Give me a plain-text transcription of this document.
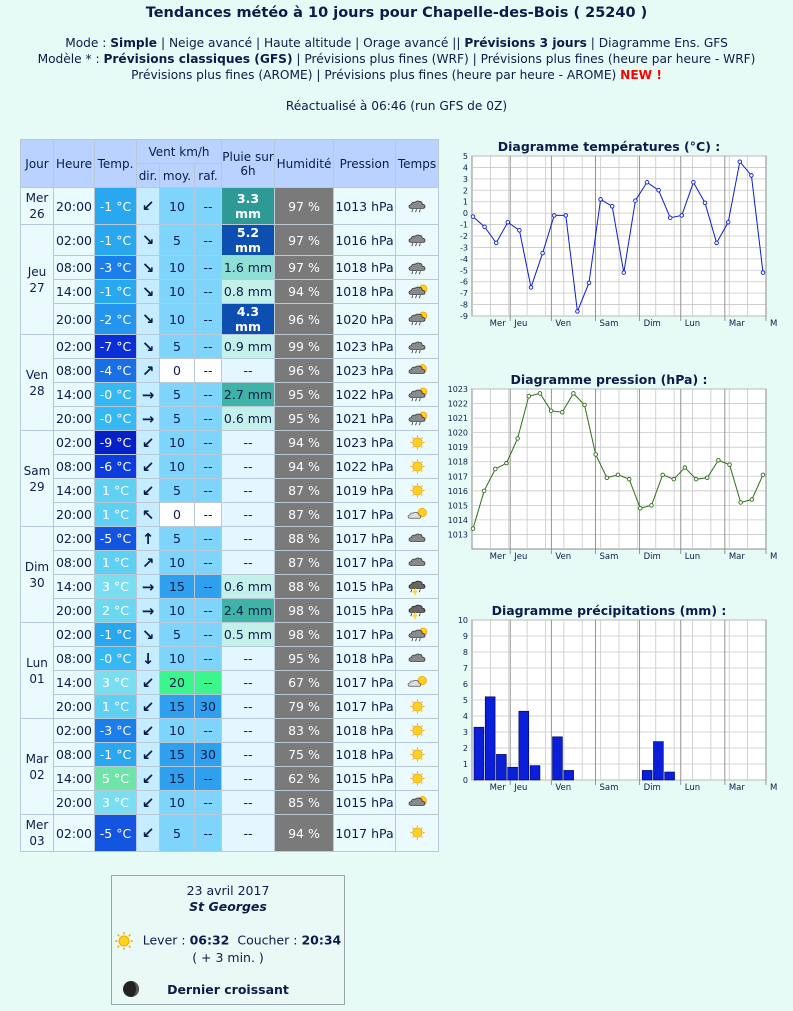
Tendances météo à 10 jours pour Chapelle-des-Bois ( 25240 )
Mode : Simple | Neige avancé | Haute altitude | Orage avancé || Prévisions 3 jours | Diagramme Ens. GFS
Modèle * : Prévisions classiques (GFS) | Prévisions plus fines (WRF) | Prévisions plus fines (heure par heure - WRF)
Prévisions plus fines (AROME) | Prévisions plus fines (heure par heure - AROME) NEW !
Réactualisé à 06:46 (run GFS de 0Z)
Jour	Heure	Temp.	Vent km/h			Pluie sur 6h	Humidité	Pression	Temps
			dir.	moy.	raf.				

Mer
26	20:00	-1 °C	↙	10	--	3.3 mm	97 %	1013 hPa	

Jeu
27	02:00	-1 °C	↘	5	--	5.2 mm	97 %	1016 hPa	
	08:00	-3 °C	↘	10	--	1.6 mm	97 %	1018 hPa	
	14:00	-1 °C	↘	10	--	0.8 mm	94 %	1018 hPa	
	20:00	-2 °C	↘	10	--	4.3 mm	96 %	1020 hPa	

Ven
28	02:00	-7 °C	↘	5	--	0.9 mm	99 %	1023 hPa	
	08:00	-4 °C	↗	0	--	--	96 %	1023 hPa	
	14:00	-0 °C	→	5	--	2.7 mm	95 %	1022 hPa	
	20:00	-0 °C	→	5	--	0.6 mm	95 %	1021 hPa	

Sam
29	02:00	-9 °C	↙	10	--	--	94 %	1023 hPa	
	08:00	-6 °C	↙	10	--	--	94 %	1022 hPa	
	14:00	1 °C	↙	5	--	--	87 %	1019 hPa	
	20:00	1 °C	↖	0	--	--	87 %	1017 hPa	

Dim
30	02:00	-5 °C	↑	5	--	--	88 %	1017 hPa	
	08:00	1 °C	↗	10	--	--	87 %	1017 hPa	
	14:00	3 °C	→	15	--	0.6 mm	88 %	1015 hPa	
	20:00	2 °C	→	10	--	2.4 mm	98 %	1015 hPa	

Lun
01	02:00	-1 °C	↘	5	--	0.5 mm	98 %	1017 hPa	
	08:00	-0 °C	↓	10	--	--	95 %	1018 hPa	
	14:00	3 °C	↙	20	--	--	67 %	1017 hPa	
	20:00	1 °C	↙	15	30	--	79 %	1017 hPa	

Mar
02	02:00	-3 °C	↙	10	--	--	83 %	1018 hPa	
	08:00	-1 °C	↙	15	30	--	75 %	1018 hPa	
	14:00	5 °C	↙	15	--	--	62 %	1015 hPa	
	20:00	3 °C	↙	10	--	--	85 %	1015 hPa	

Mer
03	02:00	-5 °C	↙	5	--	--	94 %	1017 hPa	
Diagramme températures (°C) :
5
4
3
2
1
0
-1
-2
-3
-4
-5
-6
-7
-8
-9
Mer Jeu	Ven	Sam	Dim	Lun	Mar	M
Diagramme pression (hPa) :
1023
1022
1021
1020
1019
1018
1017
1016
1015
1014
1013
Mer Jeu	Ven	Sam	Dim	Lun	Mar	M
Diagramme précipitations (mm) :
10
9
8
7
6
5
4
3
2
1
0
Mer Jeu	Ven	Sam	Dim	Lun	Mar	M
23 avril 2017
St Georges
Lever : 06:32 Coucher : 20:34
( + 3 min. )
Dernier croissant
